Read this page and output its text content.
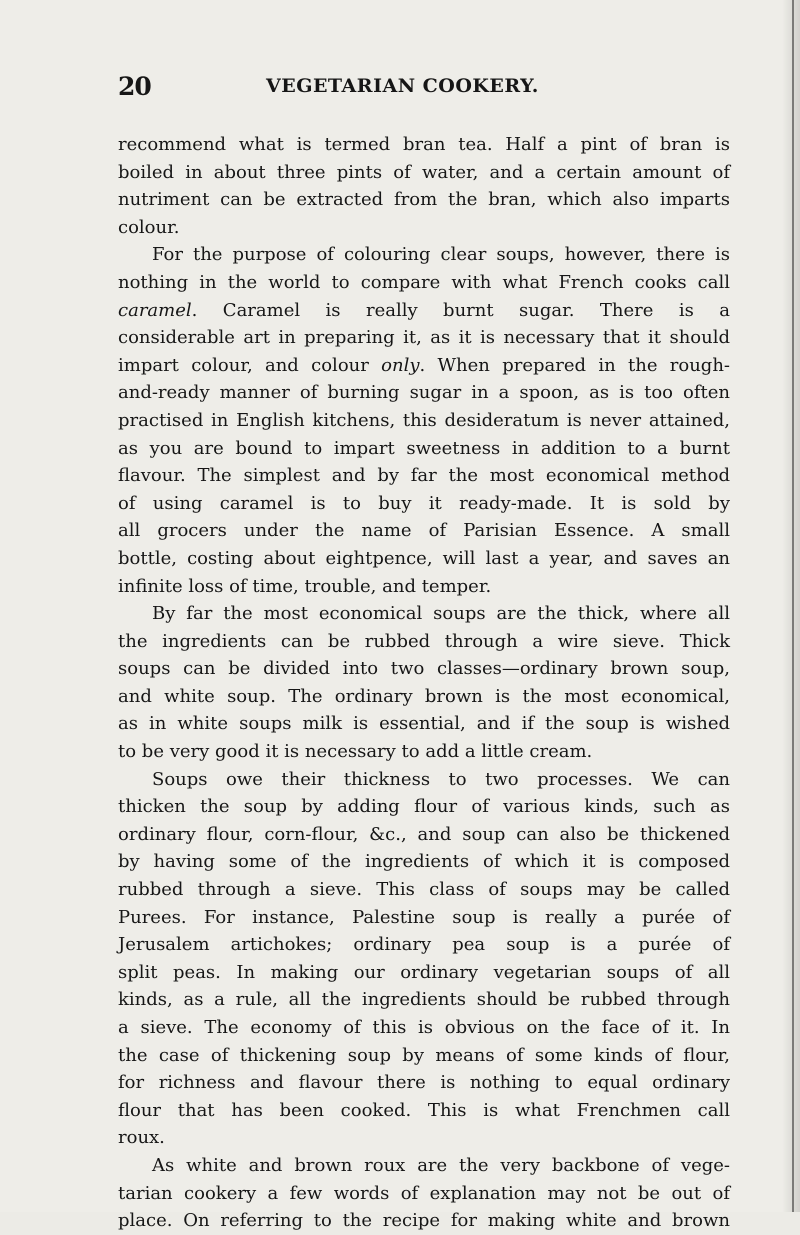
20	VEGETARIAN COOKERY.
recommend what is termed bran tea. Half a pint of bran is
boiled in about three pints of water, and a certain amount of
nutriment can be extracted from the bran, which also imparts
colour.
For the purpose of colouring clear soups, however, there is
nothing in the world to compare with what French cooks call
caramel. Caramel is really burnt sugar. There is a
considerable art in preparing it, as it is necessary that it should
impart colour, and colour only. When prepared in the rough-
and-ready manner of burning sugar in a spoon, as is too often
practised in English kitchens, this desideratum is never attained,
as you are bound to impart sweetness in addition to a burnt
flavour. The simplest and by far the most economical method
of using caramel is to buy it ready-made. It is sold by
all grocers under the name of Parisian Essence. A small
bottle, costing about eightpence, will last a year, and saves an
infinite loss of time, trouble, and temper.
By far the most economical soups are the thick, where all
the ingredients can be rubbed through a wire sieve. Thick
soups can be divided into two classes—ordinary brown soup,
and white soup. The ordinary brown is the most economical,
as in white soups milk is essential, and if the soup is wished
to be very good it is necessary to add a little cream.
Soups owe their thickness to two processes. We can
thicken the soup by adding flour of various kinds, such as
ordinary flour, corn-flour, &c., and soup can also be thickened
by having some of the ingredients of which it is composed
rubbed through a sieve. This class of soups may be called
Purees. For instance, Palestine soup is really a purée of
Jerusalem artichokes; ordinary pea soup is a purée of
split peas. In making our ordinary vegetarian soups of all
kinds, as a rule, all the ingredients should be rubbed through
a sieve. The economy of this is obvious on the face of it. In
the case of thickening soup by means of some kinds of flour,
for richness and flavour there is nothing to equal ordinary
flour that has been cooked. This is what Frenchmen call
roux.
As white and brown roux are the very backbone of vege-
tarian cookery a few words of explanation may not be out of
place. On referring to the recipe for making white and brown
